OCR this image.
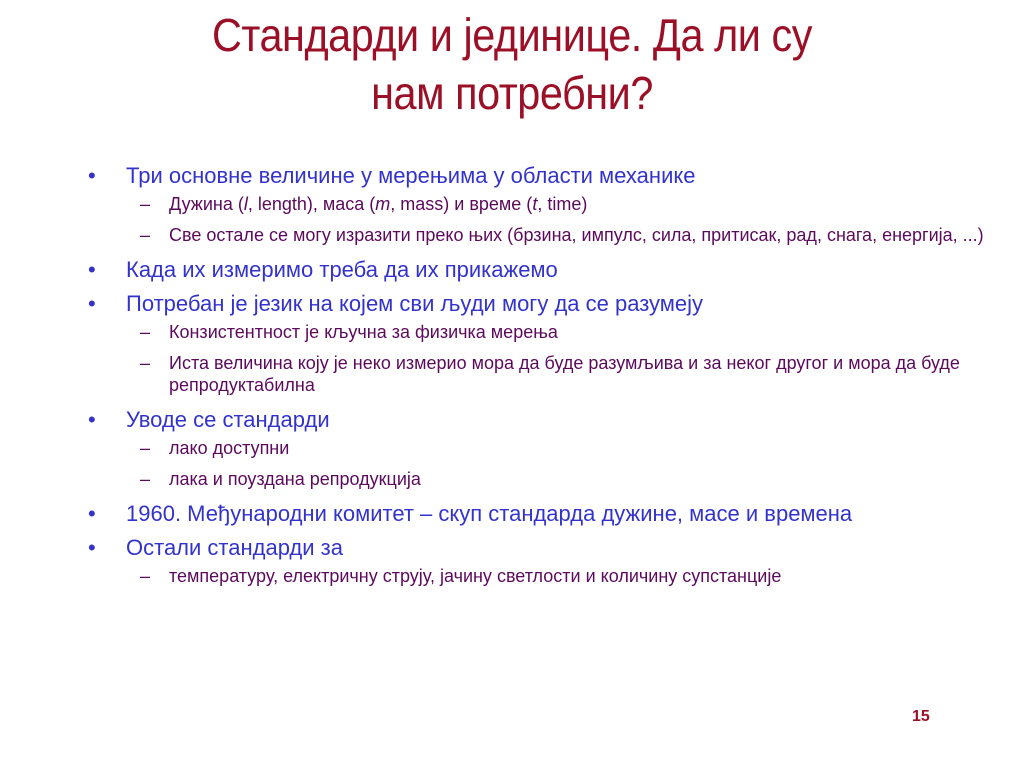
Стандарди и јединице. Да ли су
нам потребни?
• Три основне величине у мерењима у области механике
– Дужина (l, length), маса (m, mass) и време (t, time)
– Све остале се могу изразити преко њих (брзина, импулс, сила, притисак, рад, снага, енергија, ...)
• Када их измеримо треба да их прикажемо
• Потребан је језик на којем сви људи могу да се разумеју
– Конзистентност је кључна за физичка мерења
– Иста величина коју је неко измерио мора да буде разумљива и за неког другог и мора да буде репродуктабилна
• Уводе се стандарди
– лако доступни
– лака и поуздана репродукција
• 1960. Међународни комитет – скуп стандарда дужине, масе и времена
• Остали стандарди за
– температуру, електричну струју, јачину светлости и количину супстанције
15
